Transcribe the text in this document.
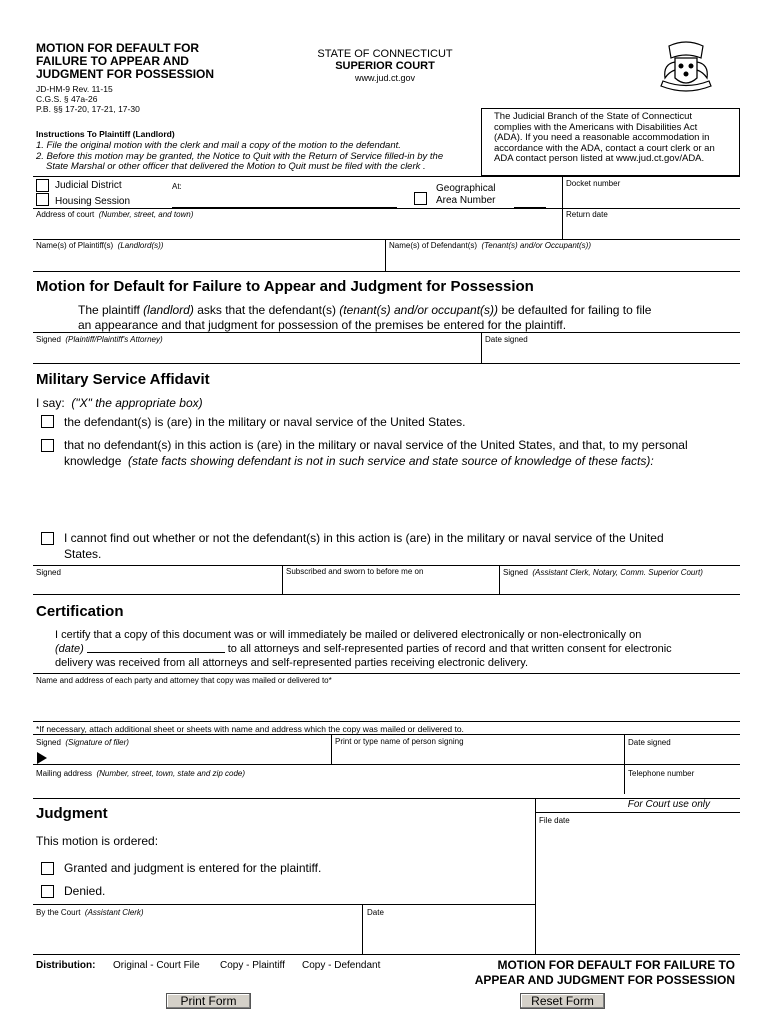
MOTION FOR DEFAULT FOR
FAILURE TO APPEAR AND
JUDGMENT FOR POSSESSION
JD-HM-9 Rev. 11-15
C.G.S. § 47a-26
P.B. §§ 17-20, 17-21, 17-30
STATE OF CONNECTICUT
SUPERIOR COURT
www.jud.ct.gov
The Judicial Branch of the State of Connecticut
complies with the Americans with Disabilities Act
(ADA). If you need a reasonable accommodation in
accordance with the ADA, contact a court clerk or an
ADA contact person listed at www.jud.ct.gov/ADA.
Instructions To Plaintiff (Landlord)
1. File the original motion with the clerk and mail a copy of the motion to the defendant.
2. Before this motion may be granted, the Notice to Quit with the Return of Service filled-in by the
State Marshal or other officer that delivered the Motion to Quit must be filed with the clerk .
Judicial District
Housing Session
At:	Geographical
Area Number
Docket number
Address of court (Number, street, and town)	Return date
Name(s) of Plaintiff(s) (Landlord(s))	Name(s) of Defendant(s) (Tenant(s) and/or Occupant(s))
Motion for Default for Failure to Appear and Judgment for Possession
The plaintiff (landlord) asks that the defendant(s) (tenant(s) and/or occupant(s)) be defaulted for failing to file
an appearance and that judgment for possession of the premises be entered for the plaintiff.
Signed (Plaintiff/Plaintiff's Attorney)	Date signed
Military Service Affidavit
I say: ("X" the appropriate box)
the defendant(s) is (are) in the military or naval service of the United States.
that no defendant(s) in this action is (are) in the military or naval service of the United States, and that, to my personal
knowledge (state facts showing defendant is not in such service and state source of knowledge of these facts):
I cannot find out whether or not the defendant(s) in this action is (are) in the military or naval service of the United
States.
Signed	Subscribed and sworn to before me on	Signed (Assistant Clerk, Notary, Comm. Superior Court)
Certification
I certify that a copy of this document was or will immediately be mailed or delivered electronically or non-electronically on
(date)	to all attorneys and self-represented parties of record and that written consent for electronic
delivery was received from all attorneys and self-represented parties receiving electronic delivery.
Name and address of each party and attorney that copy was mailed or delivered to*
*If necessary, attach additional sheet or sheets with name and address which the copy was mailed or delivered to.
Signed (Signature of filer)	Print or type name of person signing	Date signed
Mailing address (Number, street, town, state and zip code)	Telephone number
Judgment
For Court use only
File date
This motion is ordered:
Granted and judgment is entered for the plaintiff.
Denied.
By the Court (Assistant Clerk)	Date
Distribution: Original - Court File Copy - Plaintiff Copy - Defendant	MOTION FOR DEFAULT FOR FAILURE TO
APPEAR AND JUDGMENT FOR POSSESSION
Print Form	Reset Form
